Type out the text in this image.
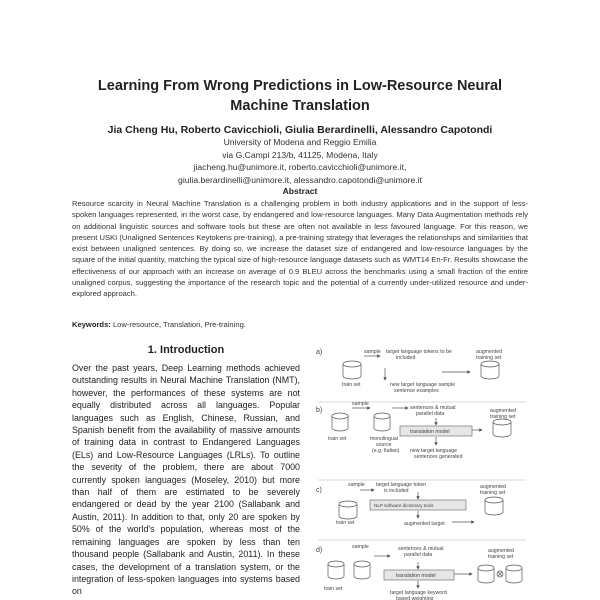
Learning From Wrong Predictions in Low-Resource Neural
Machine Translation
Jia Cheng Hu, Roberto Cavicchioli, Giulia Berardinelli, Alessandro Capotondi
University of Modena and Reggio Emilia
via G.Campi 213/b, 41125, Modena, Italy
jiacheng.hu@unimore.it, roberto.cavicchioli@unimore.it,
giulia.berardinelli@unimore.it, alessandro.capotondi@unimore.it
Abstract
Resource scarcity in Neural Machine Translation is a challenging problem in both industry applications and in the support of less-spoken languages represented, in the worst case, by endangered and low-resource languages. Many Data Augmentation methods rely on additional linguistic sources and software tools but these are often not available in less favoured language. For this reason, we present USKI (Unaligned Sentences Keytokens pre-training), a pre-training strategy that leverages the relationships and similarities that exist between unaligned sentences. By doing so, we increase the dataset size of endangered and low-resource languages by the square of the initial quantity, matching the typical size of high-resource language datasets such as WMT14 En-Fr. Results showcase the effectiveness of our approach with an increase on average of 0.9 BLEU across the benchmarks using a small fraction of the entire unaligned corpus, suggesting the importance of the research topic and the potential of a currently under-utilized resource and under-explored approach.
Keywords: Low-resource, Translation, Pre-training.
1. Introduction
Over the past years, Deep Learning methods achieved outstanding results in Neural Machine Translation (NMT), however, the performances of these systems are not equally distributed across all languages. Popular languages such as English, Chinese, Russian, and Spanish benefit from the availability of massive amounts of training data in contrast to Endangered Languages (ELs) and Low-Resource Languages (LRLs). To outline the severity of the problem, there are about 7000 currently spoken languages (Moseley, 2010) but more than half of them are estimated to be severely endangered or dead by the year 2100 (Sallabank and Austin, 2011). In addition to that, only 20 are spoken by 50% of the world's population, whereas most of the remaining languages are spoken by less than ten thousand people (Sallabank and Austin, 2011). In these cases, the development of a translation system, or the integration of less-spoken languages into systems based on
a)	sample target language tokens to be included
new target language sample sentence examples
train set
augmented training set
b)
sample
train set	monolingual source (e.g. Italian)
sentences & mutual parallel data
translation model
new target language sentences generated
augmented training set
c)
sample target language token is included
NLP software dictionary tools
augmented target
train set
augmented training set
d)	sample
train set
sentences & mutual parallel data
translation model
target language keyword based weighting
augmented training set
